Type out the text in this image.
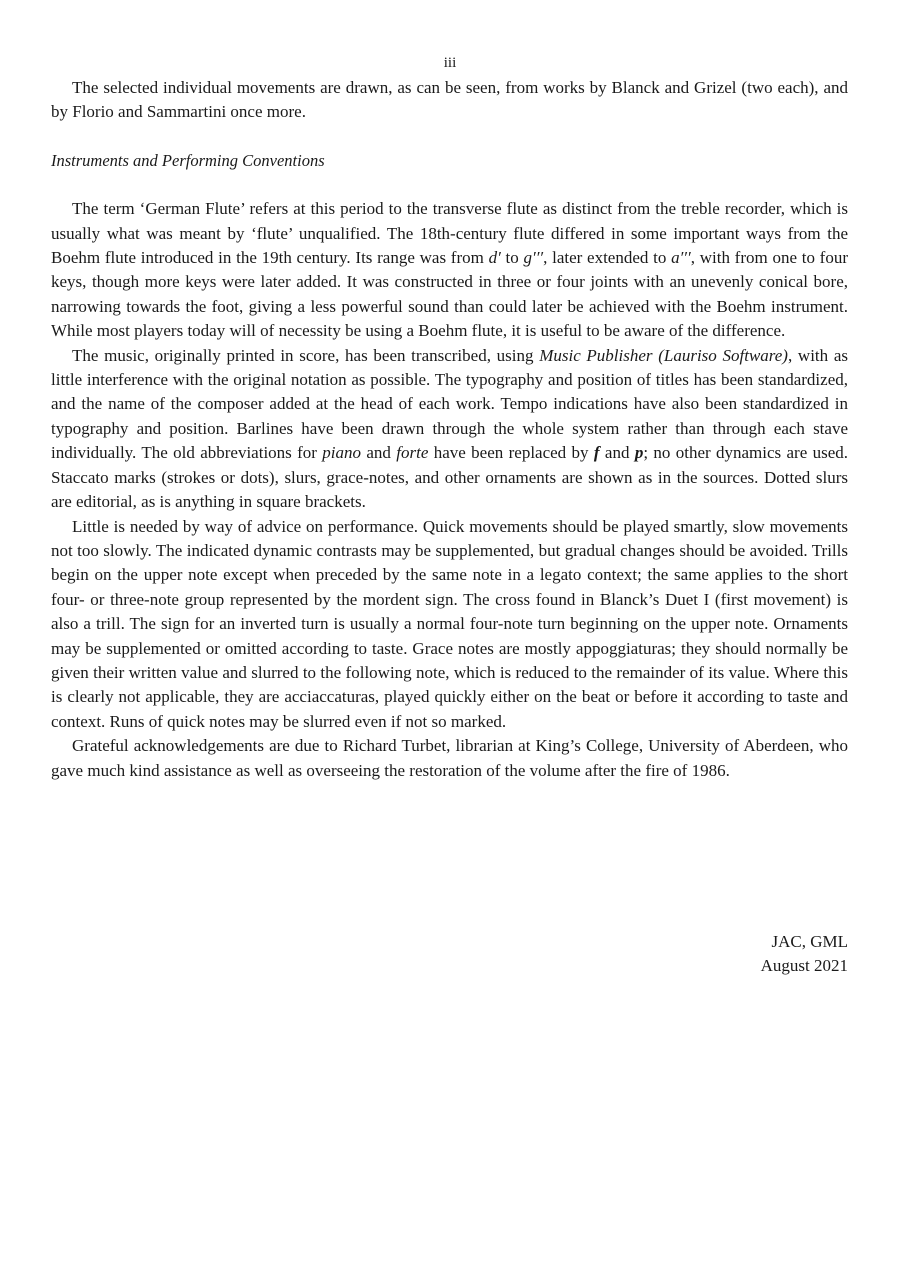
iii

The selected individual movements are drawn, as can be seen, from works by Blanck and Grizel (two each), and by Florio and Sammartini once more.

Instruments and Performing Conventions

The term ‘German Flute’ refers at this period to the transverse flute as distinct from the treble recorder, which is usually what was meant by ‘flute’ unqualified. The 18th-century flute differed in some important ways from the Boehm flute introduced in the 19th century. Its range was from d′ to g′′′, later extended to a′′′, with from one to four keys, though more keys were later added. It was constructed in three or four joints with an unevenly conical bore, narrowing towards the foot, giving a less powerful sound than could later be achieved with the Boehm instrument. While most players today will of necessity be using a Boehm flute, it is useful to be aware of the difference.

The music, originally printed in score, has been transcribed, using Music Publisher (Lauriso Software), with as little interference with the original notation as possible. The typography and position of titles has been standardized, and the name of the composer added at the head of each work. Tempo indications have also been standardized in typography and position. Barlines have been drawn through the whole system rather than through each stave individually. The old abbreviations for piano and forte have been replaced by f and p; no other dynamics are used. Staccato marks (strokes or dots), slurs, grace-notes, and other ornaments are shown as in the sources. Dotted slurs are editorial, as is anything in square brackets.

Little is needed by way of advice on performance. Quick movements should be played smartly, slow movements not too slowly. The indicated dynamic contrasts may be supplemented, but gradual changes should be avoided. Trills begin on the upper note except when preceded by the same note in a legato context; the same applies to the short four- or three-note group represented by the mordent sign. The cross found in Blanck’s Duet I (first movement) is also a trill. The sign for an inverted turn is usually a normal four-note turn beginning on the upper note. Ornaments may be supplemented or omitted according to taste. Grace notes are mostly appoggiaturas; they should normally be given their written value and slurred to the following note, which is reduced to the remainder of its value. Where this is clearly not applicable, they are acciaccaturas, played quickly either on the beat or before it according to taste and context. Runs of quick notes may be slurred even if not so marked.

Grateful acknowledgements are due to Richard Turbet, librarian at King’s College, University of Aberdeen, who gave much kind assistance as well as overseeing the restoration of the volume after the fire of 1986.

JAC, GML
August 2021
